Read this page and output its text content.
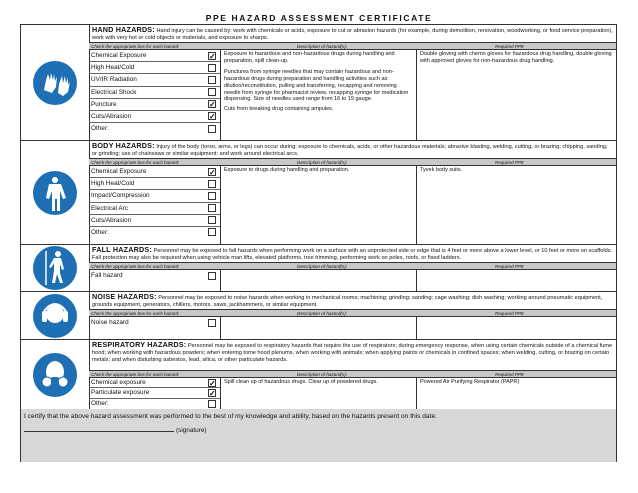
PPE HAZARD ASSESSMENT CERTIFICATE
HAND HAZARDS: Hand injury can be caused by: work with chemicals or acids, exposure to cut or abrasion hazards (for example, during demolition, renovation, woodworking, or food service preparation), work with very hot or cold objects or materials, and exposure to sharps.
Check the appropriate box for each hazard:	Description of hazard(s):	Required PPE
Chemical Exposure	✓
High Heat/Cold
UV/IR Radiation
Electrical Shock
Puncture	✓
Cuts/Abrasion	✓
Other:
Exposure to hazardous and non-hazardous drugs during handling and preparation, spill clean-up.
Punctures from syringe needles that may contain hazardous and non-hazardous drugs during preparation and handling activities such as: dilution/reconstitution, pulling and transferring, recapping and removing needle from syringe for pharmacist review, recapping syringe for medication dispensing. Size of needles used range from 16 to 19 gauge.
Cuts from breaking drug containing ampules.
Double gloving with chemo gloves for hazardous drug handling, double gloving with approved gloves for non-hazardous drug handling.
BODY HAZARDS: Injury of the body (torso, arms, or legs) can occur during: exposure to chemicals, acids, or other hazardous materials; abrasive blasting, welding, cutting, or brazing; chipping, sanding, or grinding; use of chainsaws or similar equipment; and work around electrical arcs.
Check the appropriate box for each hazard:	Description of hazard(s):	Required PPE
Chemical Exposure	✓
High Heat/Cold
Impact/Compression
Electrical Arc
Cuts/Abrasion
Other:
Exposure to drugs during handling and preparation.	Tyvek body suits.
FALL HAZARDS: Personnel may be exposed to fall hazards when performing work on a surface with an unprotected side or edge that is 4 feet or more above a lower level, or 10 feet or more on scaffolds. Fall protection may also be required when using vehicle man lifts, elevated platforms, tree trimming, performing work on poles, roofs, or fixed ladders.
Check the appropriate box for each hazard:	Description of hazard(s):	Required PPE
Fall hazard
NOISE HAZARDS: Personnel may be exposed to noise hazards when working in mechanical rooms; machining; grinding; sanding; cage washing; dish washing; working around pneumatic equipment, grounds equipment, generators, chillers, motors, saws, jackhammers, or similar equipment.
Check the appropriate box for each hazard:	Description of hazard(s):	Required PPE
Noise hazard
RESPIRATORY HAZARDS: Personnel may be exposed to respiratory hazards that require the use of respirators; during emergency response, when using certain chemicals outside of a chemical fume hood; when working with hazardous powders; when entering tome hood plenums, when working with animals; when applying paints or chemicals in confined spaces; when welding, cutting, or brazing on certain metals; and when disturbing asbestos, lead, silica, or other particulate hazards.
Check the appropriate box for each hazard:	Description of hazard(s):	Required PPE
Chemical exposure	✓
Particulate exposure	✓
Other:
Spill clean up of hazardous drugs. Clear up of powdered drugs.	Powered Air Purifying Respirator (PAPR)
I certify that the above hazard assessment was performed to the best of my knowledge and ability, based on the hazards present on this date.
(signature)
